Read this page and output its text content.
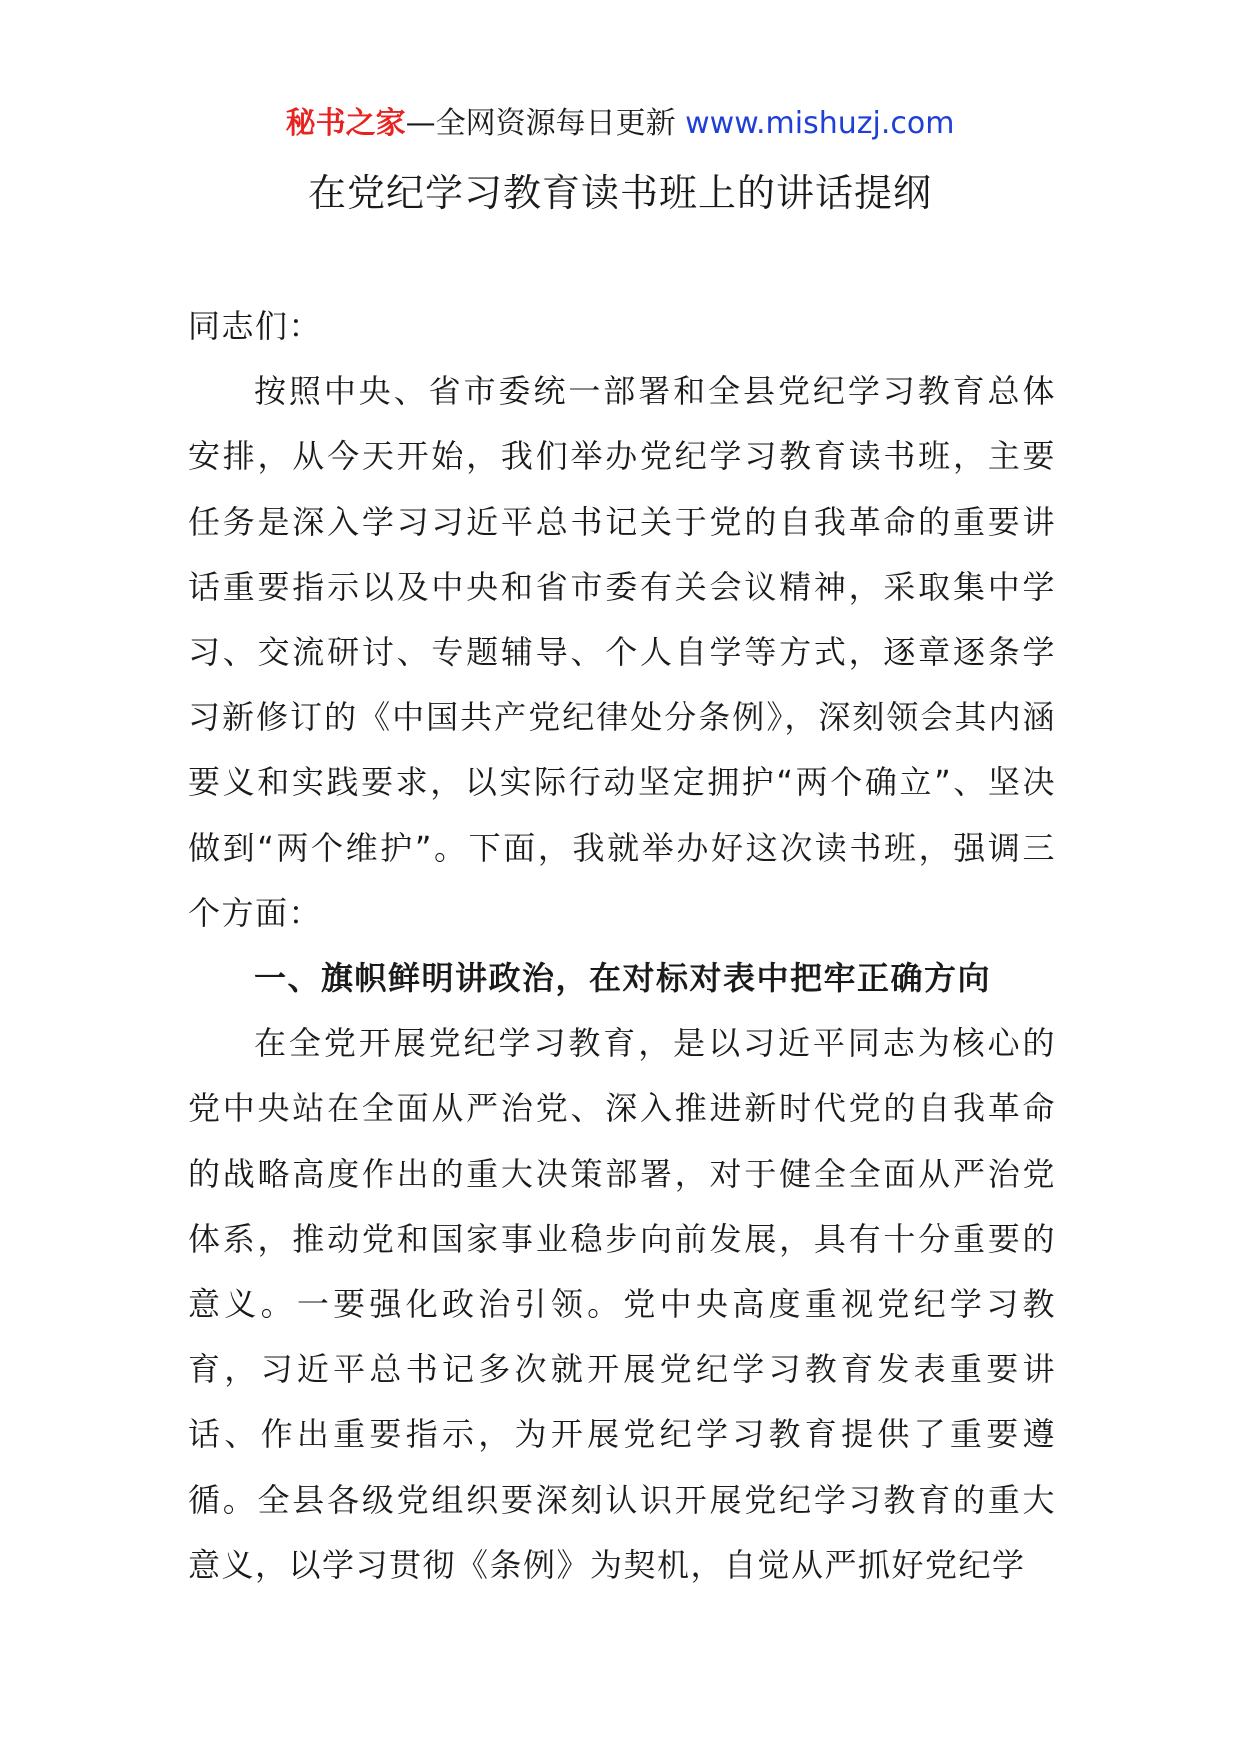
秘书之家—全网资源每日更新 www.mishuzj.com
在党纪学习教育读书班上的讲话提纲

同志们：

按照中央、省市委统一部署和全县党纪学习教育总体安排，从今天开始，我们举办党纪学习教育读书班，主要任务是深入学习习近平总书记关于党的自我革命的重要讲话重要指示以及中央和省市委有关会议精神，采取集中学习、交流研讨、专题辅导、个人自学等方式，逐章逐条学习新修订的《中国共产党纪律处分条例》，深刻领会其内涵要义和实践要求，以实际行动坚定拥护“两个确立”、坚决做到“两个维护”。下面，我就举办好这次读书班，强调三个方面：

一、旗帜鲜明讲政治，在对标对表中把牢正确方向

在全党开展党纪学习教育，是以习近平同志为核心的党中央站在全面从严治党、深入推进新时代党的自我革命的战略高度作出的重大决策部署，对于健全全面从严治党体系，推动党和国家事业稳步向前发展，具有十分重要的意义。一要强化政治引领。党中央高度重视党纪学习教育，习近平总书记多次就开展党纪学习教育发表重要讲话、作出重要指示，为开展党纪学习教育提供了重要遵循。全县各级党组织要深刻认识开展党纪学习教育的重大意义，以学习贯彻《条例》为契机，自觉从严抓好党纪学
